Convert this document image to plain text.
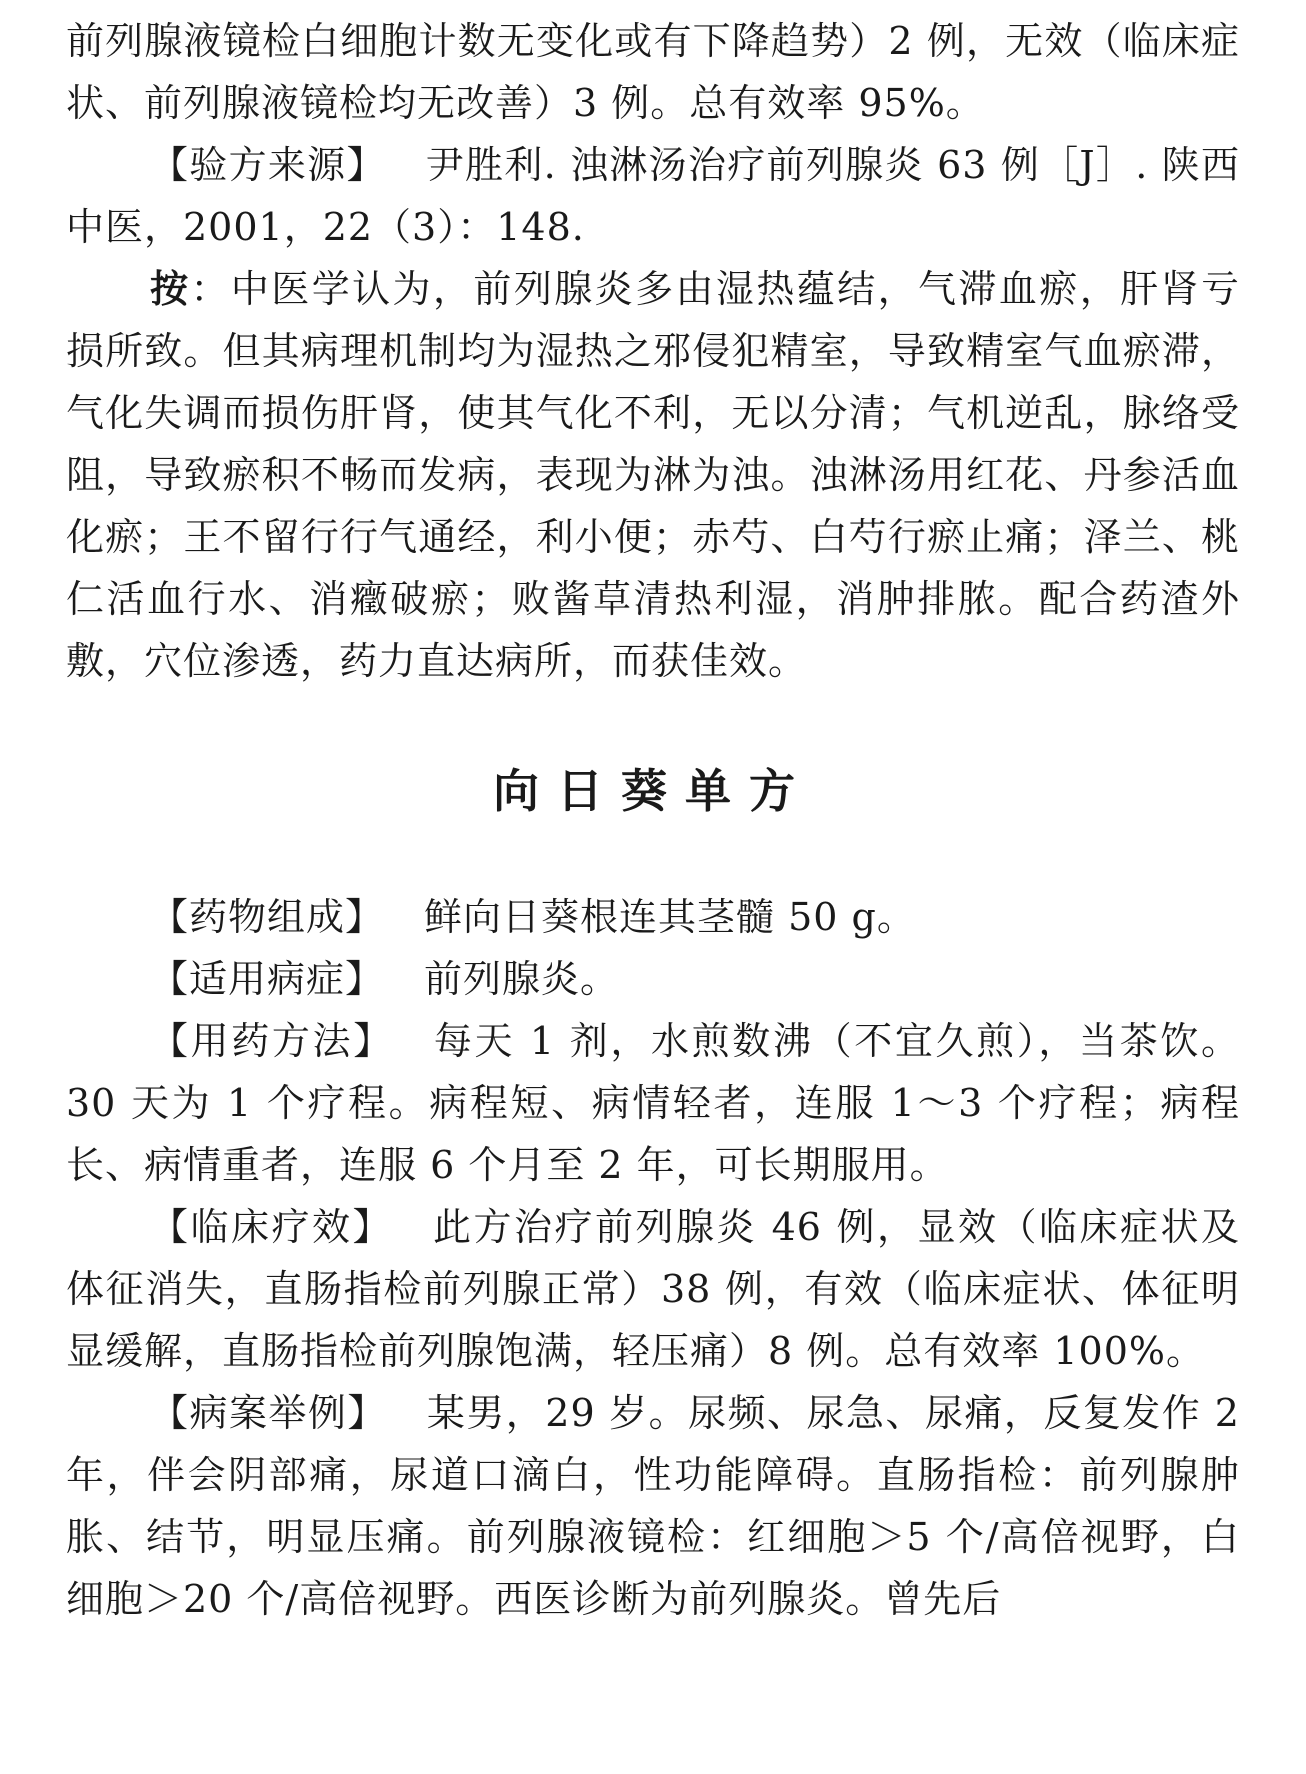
前列腺液镜检白细胞计数无变化或有下降趋势）2 例，无效（临床症状、前列腺液镜检均无改善）3 例。总有效率 95%。

【验方来源】 尹胜利. 浊淋汤治疗前列腺炎 63 例［J］. 陕西中医，2001，22（3）：148.

按：中医学认为，前列腺炎多由湿热蕴结，气滞血瘀，肝肾亏损所致。但其病理机制均为湿热之邪侵犯精室，导致精室气血瘀滞，气化失调而损伤肝肾，使其气化不利，无以分清；气机逆乱，脉络受阻，导致瘀积不畅而发病，表现为淋为浊。浊淋汤用红花、丹参活血化瘀；王不留行行气通经，利小便；赤芍、白芍行瘀止痛；泽兰、桃仁活血行水、消癥破瘀；败酱草清热利湿，消肿排脓。配合药渣外敷，穴位渗透，药力直达病所，而获佳效。

向日葵单方

【药物组成】 鲜向日葵根连其茎髓 50 g。

【适用病症】 前列腺炎。

【用药方法】 每天 1 剂，水煎数沸（不宜久煎），当茶饮。30 天为 1 个疗程。病程短、病情轻者，连服 1～3 个疗程；病程长、病情重者，连服 6 个月至 2 年，可长期服用。

【临床疗效】 此方治疗前列腺炎 46 例，显效（临床症状及体征消失，直肠指检前列腺正常）38 例，有效（临床症状、体征明显缓解，直肠指检前列腺饱满，轻压痛）8 例。总有效率 100%。

【病案举例】 某男，29 岁。尿频、尿急、尿痛，反复发作 2 年，伴会阴部痛，尿道口滴白，性功能障碍。直肠指检：前列腺肿胀、结节，明显压痛。前列腺液镜检：红细胞＞5 个/高倍视野，白细胞＞20 个/高倍视野。西医诊断为前列腺炎。曾先后
